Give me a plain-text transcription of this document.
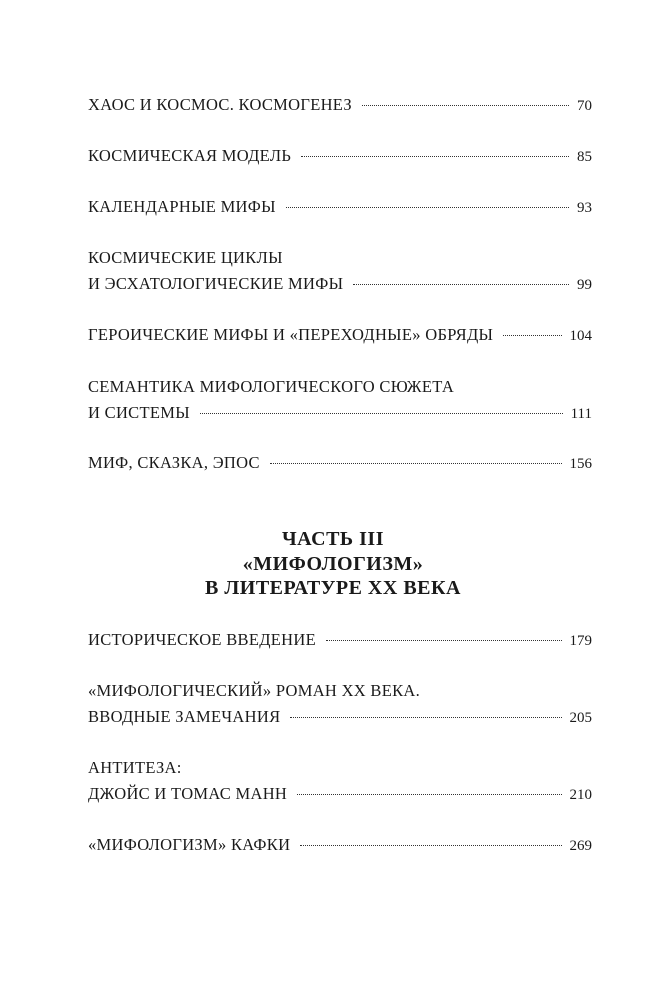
ХАОС И КОСМОС. КОСМОГЕНЕЗ	70
КОСМИЧЕСКАЯ МОДЕЛЬ	85
КАЛЕНДАРНЫЕ МИФЫ	93
КОСМИЧЕСКИЕ ЦИКЛЫ
И ЭСХАТОЛОГИЧЕСКИЕ МИФЫ	99
ГЕРОИЧЕСКИЕ МИФЫ И «ПЕРЕХОДНЫЕ» ОБРЯДЫ	104
СЕМАНТИКА МИФОЛОГИЧЕСКОГО СЮЖЕТА
И СИСТЕМЫ	111
МИФ, СКАЗКА, ЭПОС	156
ЧАСТЬ III
«МИФОЛОГИЗМ»
В ЛИТЕРАТУРЕ XX ВЕКА
ИСТОРИЧЕСКОЕ ВВЕДЕНИЕ	179
«МИФОЛОГИЧЕСКИЙ» РОМАН XX ВЕКА.
ВВОДНЫЕ ЗАМЕЧАНИЯ	205
АНТИТЕЗА:
ДЖОЙС И ТОМАС МАНН	210
«МИФОЛОГИЗМ» КАФКИ	269
